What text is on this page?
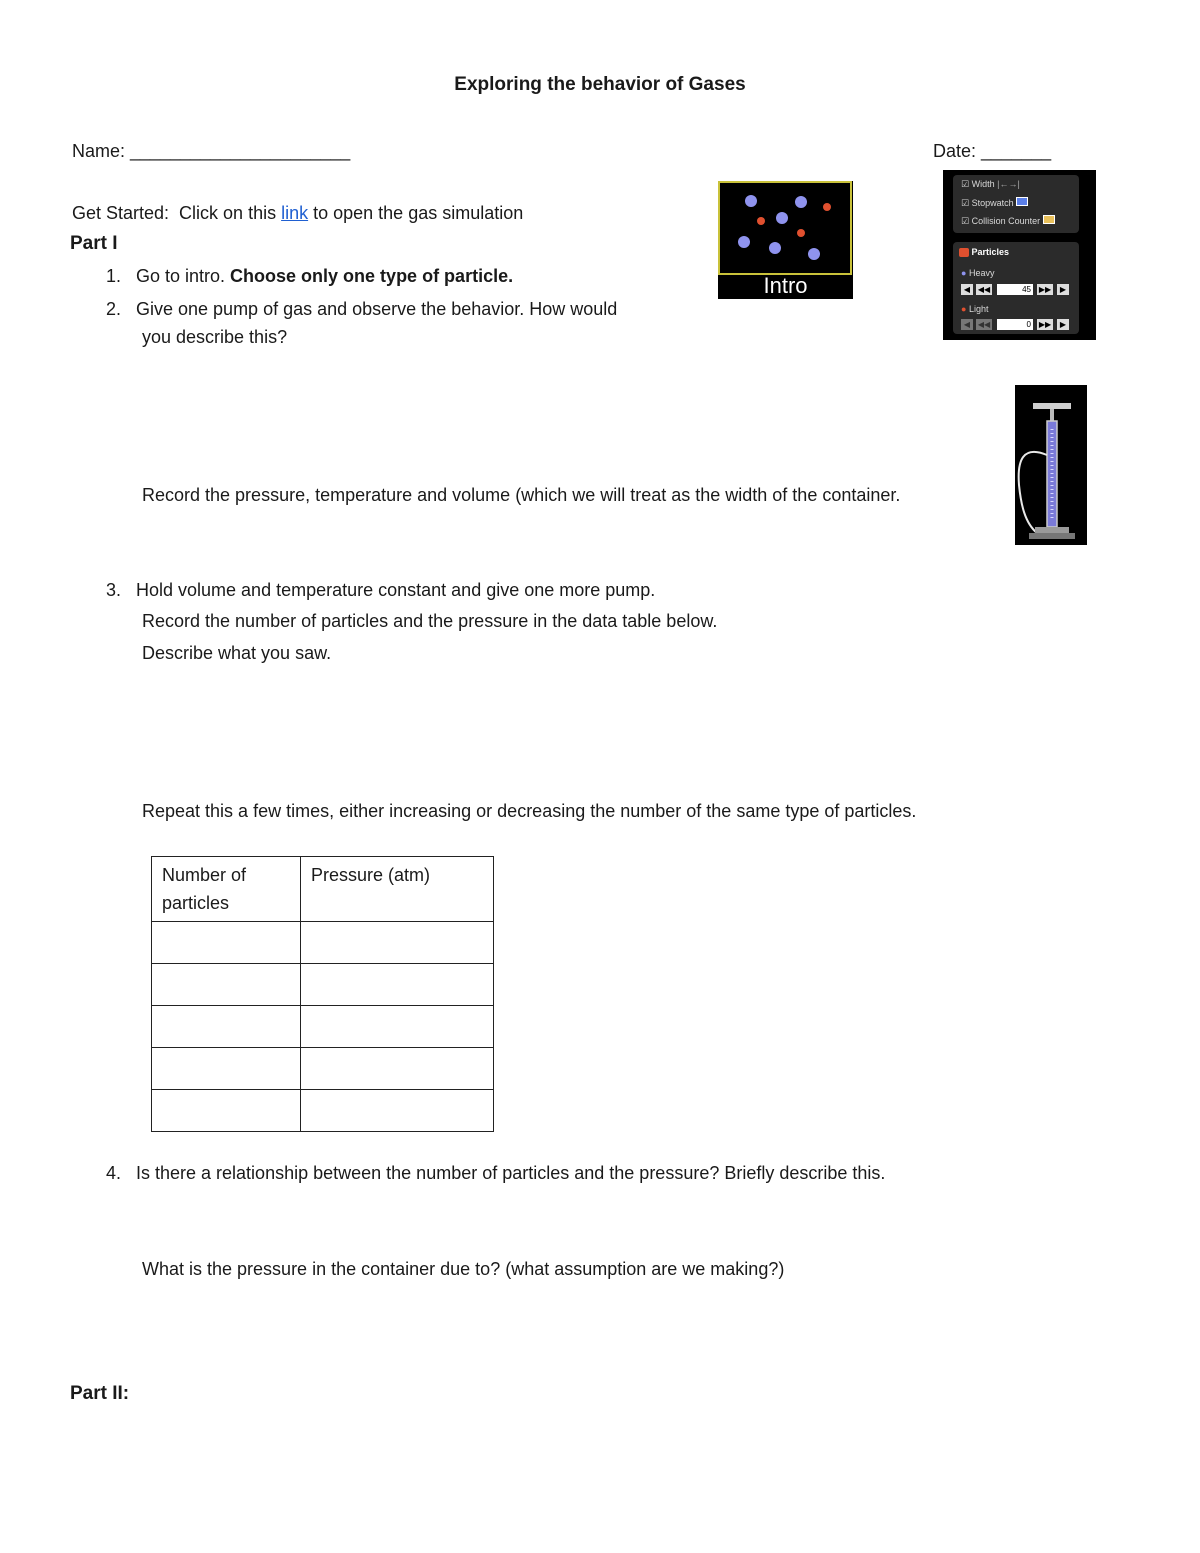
Exploring the behavior of Gases
Name: ______________________	Date: _______
Get Started:  Click on this link to open the gas simulation
Part I
1. Go to intro. Choose only one type of particle.
2. Give one pump of gas and observe the behavior. How would
you describe this?
Record the pressure, temperature and volume (which we will treat as the width of the container.
3. Hold volume and temperature constant and give one more pump.
Record the number of particles and the pressure in the data table below.
Describe what you saw.
Repeat this a few times, either increasing or decreasing the number of the same type of particles.
Number of particles	Pressure (atm)

4. Is there a relationship between the number of particles and the pressure? Briefly describe this.
What is the pressure in the container due to? (what assumption are we making?)
Part II:
Intro
☑ Width |←→|
☑ Stopwatch
☑ Collision Counter
Particles
● Heavy
◀ ◀◀	45 ▶▶	▶
● Light
◀ ◀◀	0 ▶▶	▶
